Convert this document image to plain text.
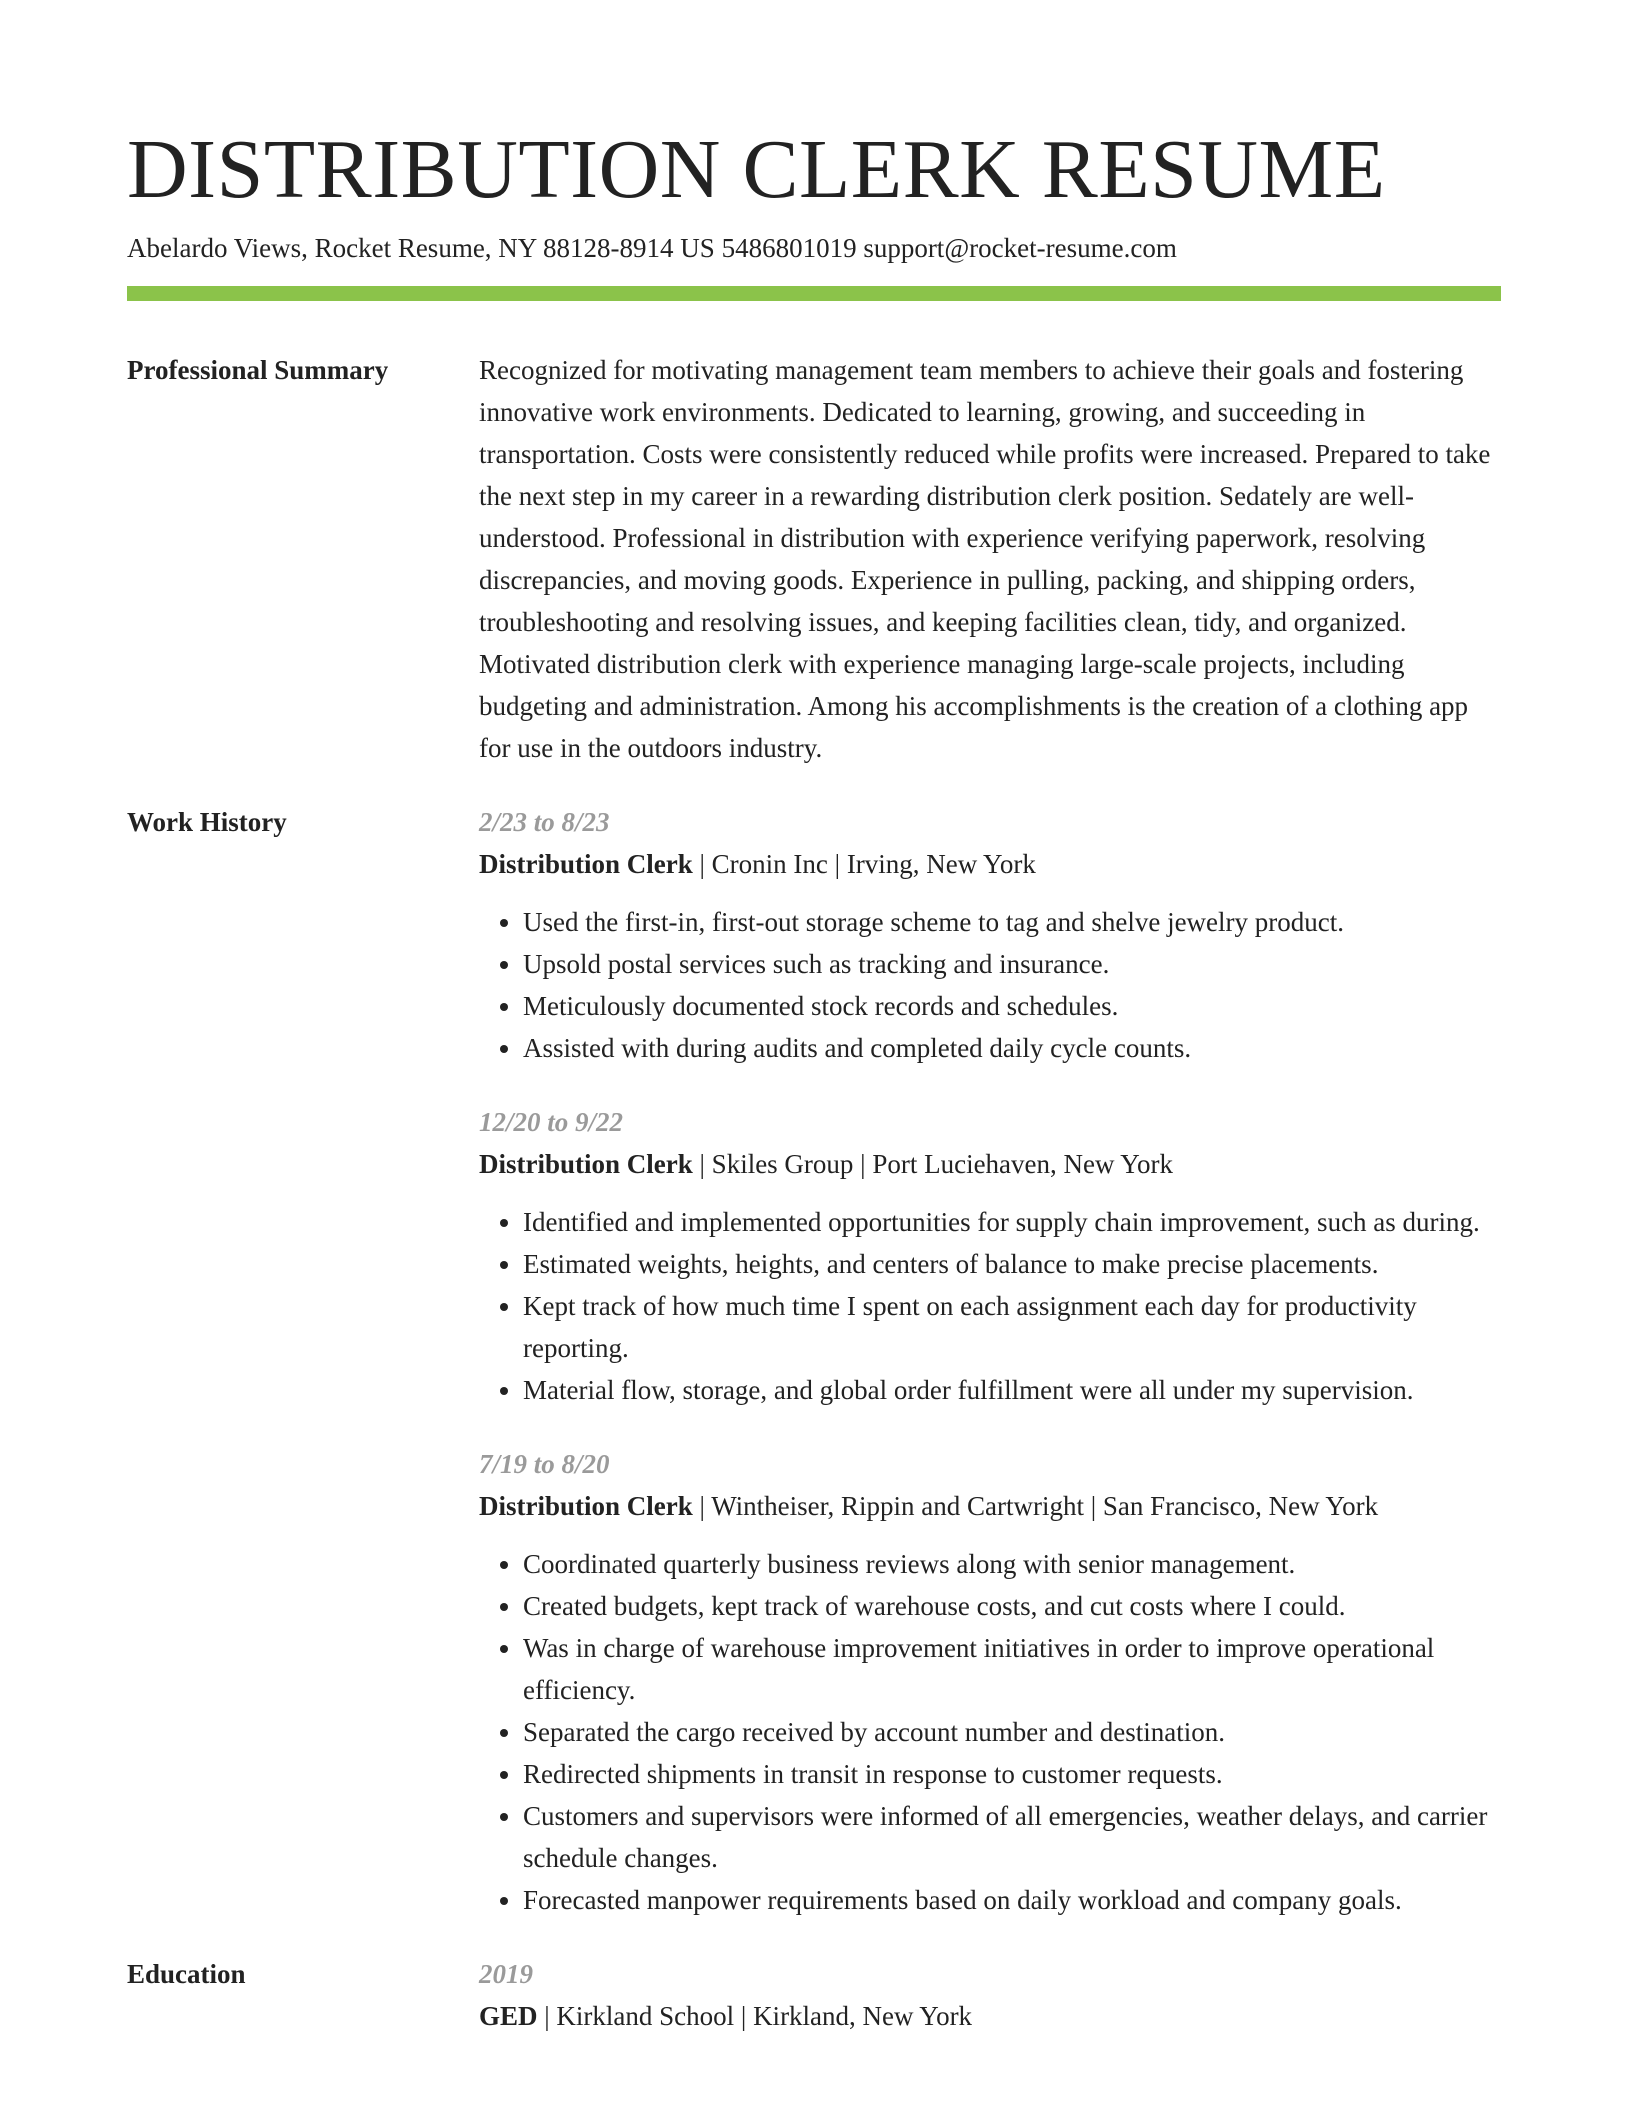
DISTRIBUTION CLERK RESUME
Abelardo Views, Rocket Resume, NY 88128-8914 US 5486801019 support@rocket-resume.com
Professional Summary	Recognized for motivating management team members to achieve their goals and fostering innovative work environments. Dedicated to learning, growing, and succeeding in transportation. Costs were consistently reduced while profits were increased. Prepared to take the next step in my career in a rewarding distribution clerk position. Sedately are well-understood. Professional in distribution with experience verifying paperwork, resolving discrepancies, and moving goods. Experience in pulling, packing, and shipping orders, troubleshooting and resolving issues, and keeping facilities clean, tidy, and organized. Motivated distribution clerk with experience managing large-scale projects, including budgeting and administration. Among his accomplishments is the creation of a clothing app for use in the outdoors industry.

Work History	2/23 to 8/23
Distribution Clerk | Cronin Inc | Irving, New York
• Used the first-in, first-out storage scheme to tag and shelve jewelry product.
• Upsold postal services such as tracking and insurance.
• Meticulously documented stock records and schedules.
• Assisted with during audits and completed daily cycle counts.
12/20 to 9/22
Distribution Clerk | Skiles Group | Port Luciehaven, New York
• Identified and implemented opportunities for supply chain improvement, such as during.
• Estimated weights, heights, and centers of balance to make precise placements.
• Kept track of how much time I spent on each assignment each day for productivity reporting.
• Material flow, storage, and global order fulfillment were all under my supervision.
7/19 to 8/20
Distribution Clerk | Wintheiser, Rippin and Cartwright | San Francisco, New York
• Coordinated quarterly business reviews along with senior management.
• Created budgets, kept track of warehouse costs, and cut costs where I could.
• Was in charge of warehouse improvement initiatives in order to improve operational efficiency.
• Separated the cargo received by account number and destination.
• Redirected shipments in transit in response to customer requests.
• Customers and supervisors were informed of all emergencies, weather delays, and carrier schedule changes.
• Forecasted manpower requirements based on daily workload and company goals.
Education	2019
GED | Kirkland School | Kirkland, New York
